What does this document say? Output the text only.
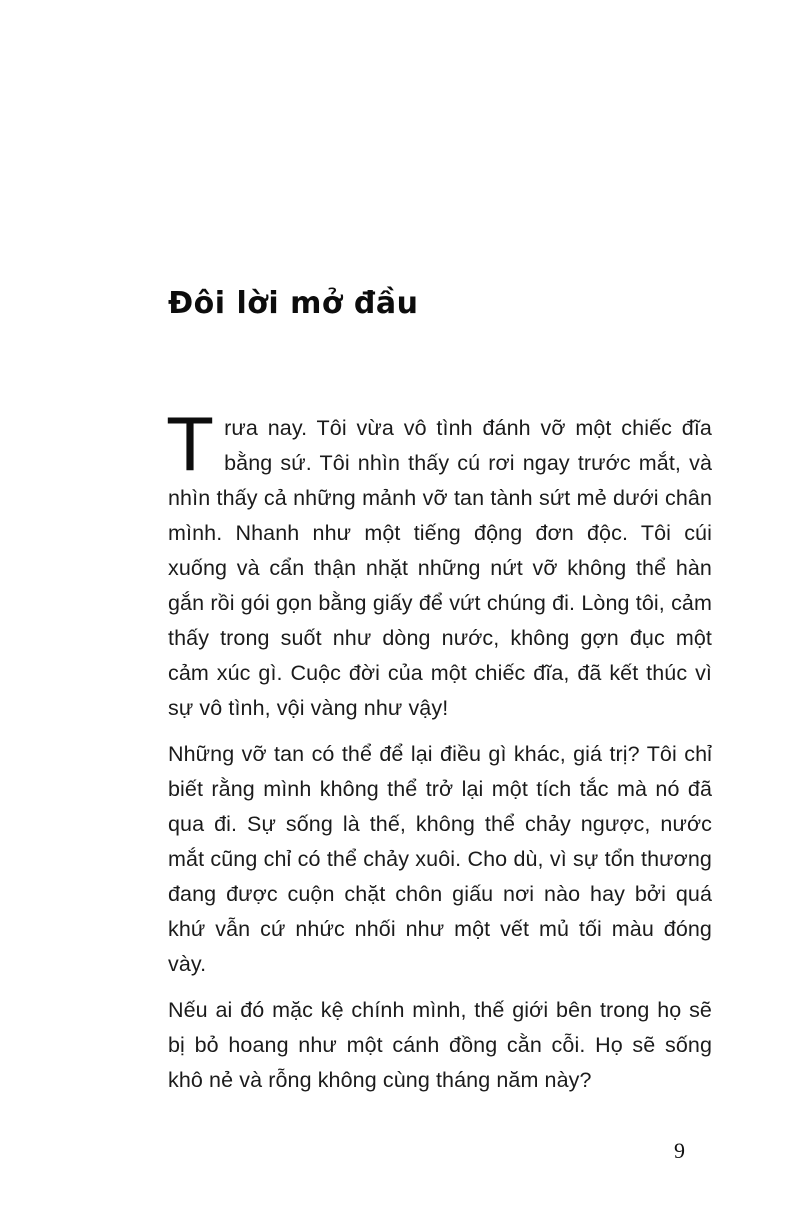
Đôi lời mở đầu

Trưa nay. Tôi vừa vô tình đánh vỡ một chiếc đĩa bằng sứ. Tôi nhìn thấy cú rơi ngay trước mắt, và nhìn thấy cả những mảnh vỡ tan tành sứt mẻ dưới chân mình. Nhanh như một tiếng động đơn độc. Tôi cúi xuống và cẩn thận nhặt những nứt vỡ không thể hàn gắn rồi gói gọn bằng giấy để vứt chúng đi. Lòng tôi, cảm thấy trong suốt như dòng nước, không gợn đục một cảm xúc gì. Cuộc đời của một chiếc đĩa, đã kết thúc vì sự vô tình, vội vàng như vậy!

Những vỡ tan có thể để lại điều gì khác, giá trị? Tôi chỉ biết rằng mình không thể trở lại một tích tắc mà nó đã qua đi. Sự sống là thế, không thể chảy ngược, nước mắt cũng chỉ có thể chảy xuôi. Cho dù, vì sự tổn thương đang được cuộn chặt chôn giấu nơi nào hay bởi quá khứ vẫn cứ nhức nhối như một vết mủ tối màu đóng vày.

Nếu ai đó mặc kệ chính mình, thế giới bên trong họ sẽ bị bỏ hoang như một cánh đồng cằn cỗi. Họ sẽ sống khô nẻ và rỗng không cùng tháng năm này?

9
